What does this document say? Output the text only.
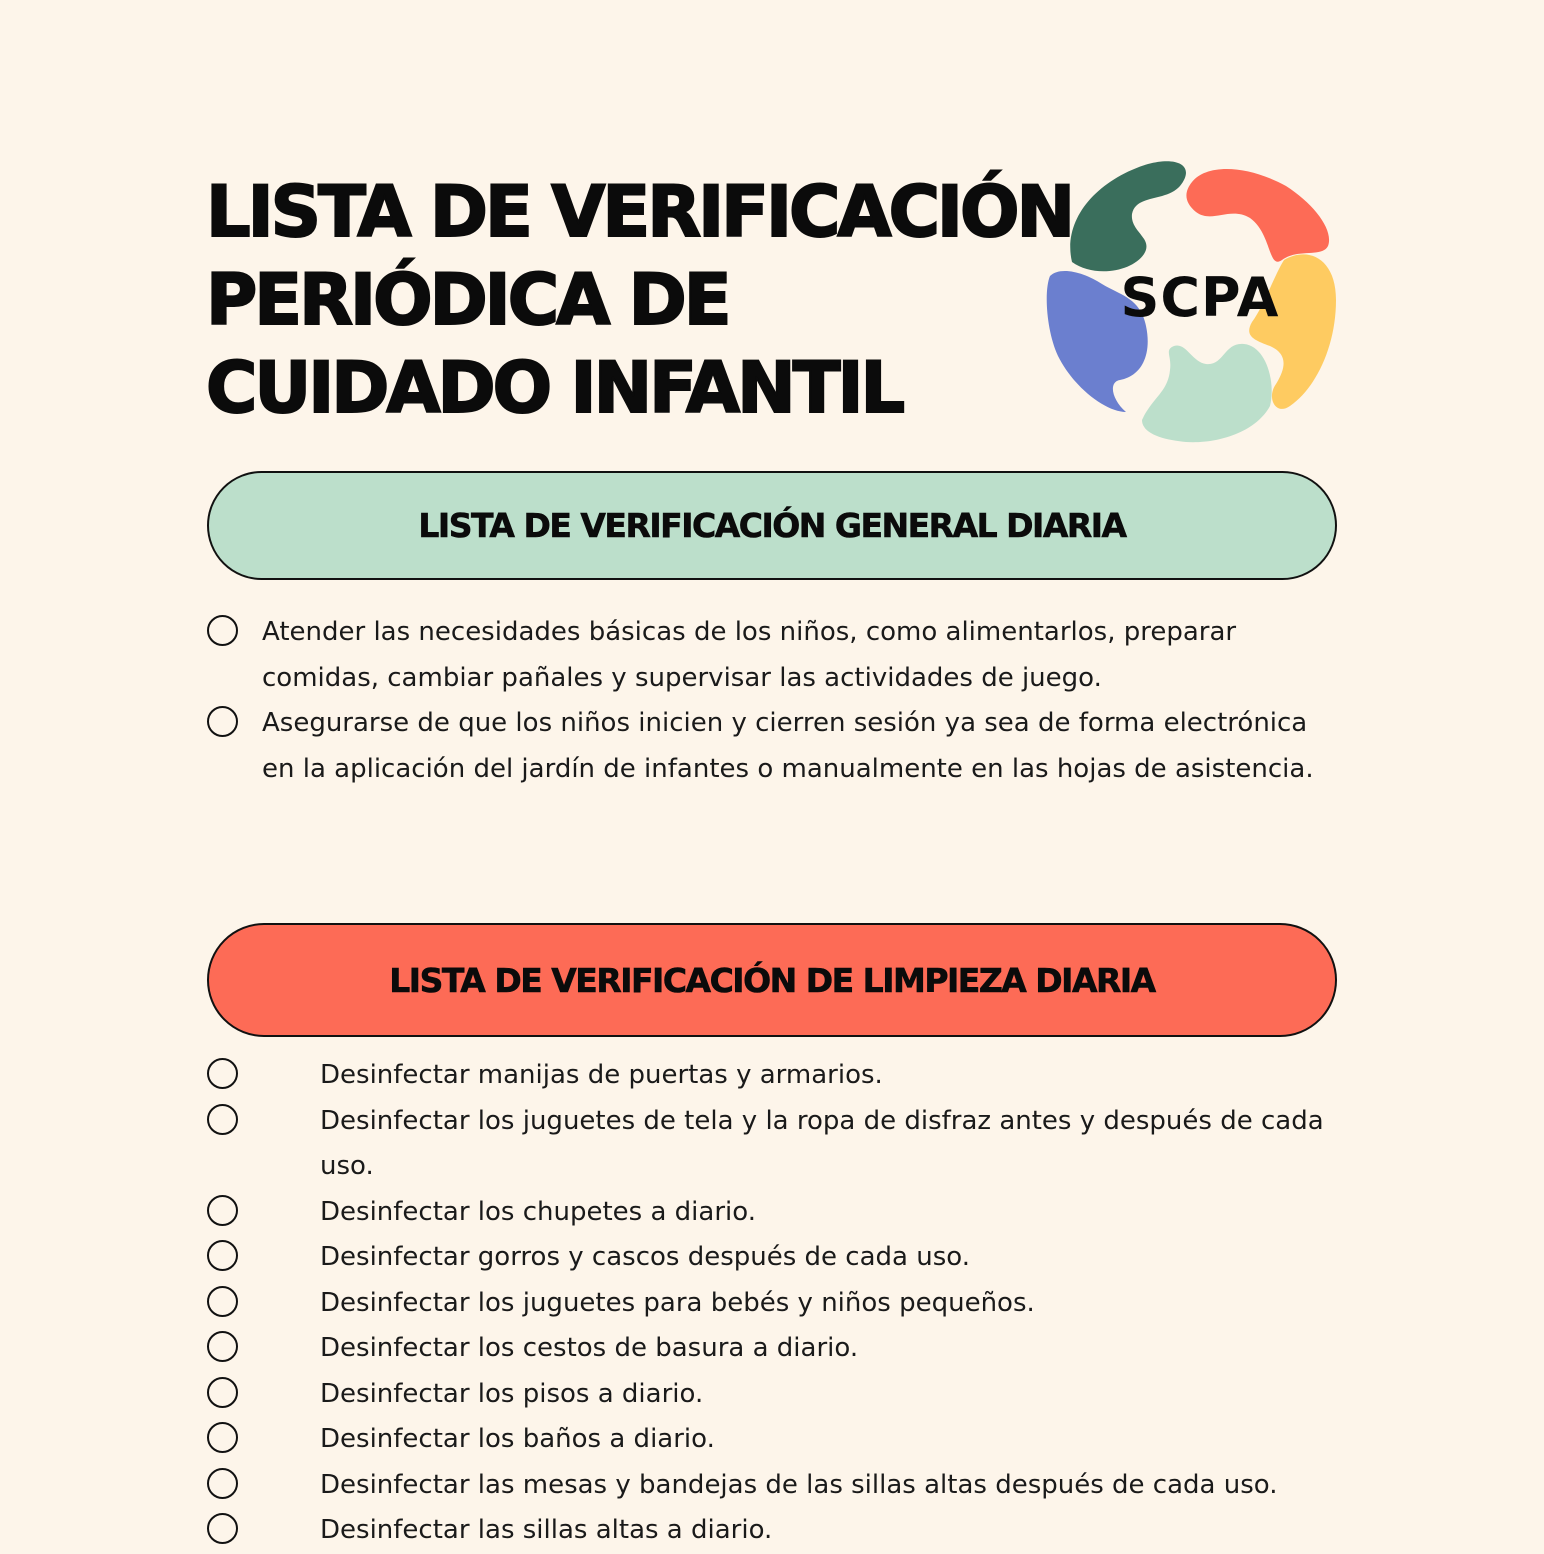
LISTA DE VERIFICACIÓN
PERIÓDICA DE
CUIDADO INFANTIL
SCPA
LISTA DE VERIFICACIÓN GENERAL DIARIA
Atender las necesidades básicas de los niños, como alimentarlos, preparar comidas, cambiar pañales y supervisar las actividades de juego.
Asegurarse de que los niños inicien y cierren sesión ya sea de forma electrónica en la aplicación del jardín de infantes o manualmente en las hojas de asistencia.
LISTA DE VERIFICACIÓN DE LIMPIEZA DIARIA
Desinfectar manijas de puertas y armarios.
Desinfectar los juguetes de tela y la ropa de disfraz antes y después de cada uso.
Desinfectar los chupetes a diario.
Desinfectar gorros y cascos después de cada uso.
Desinfectar los juguetes para bebés y niños pequeños.
Desinfectar los cestos de basura a diario.
Desinfectar los pisos a diario.
Desinfectar los baños a diario.
Desinfectar las mesas y bandejas de las sillas altas después de cada uso.
Desinfectar las sillas altas a diario.
